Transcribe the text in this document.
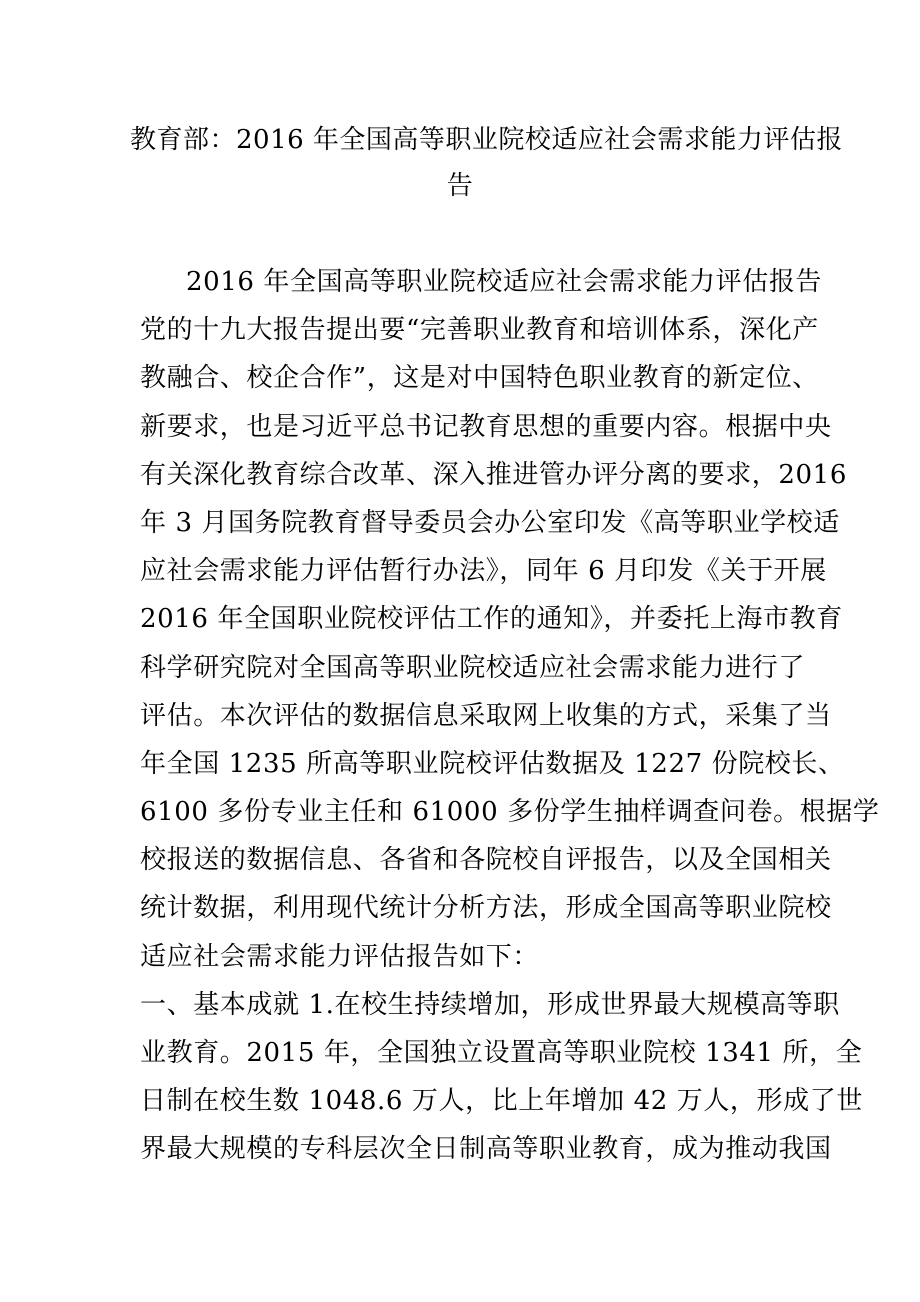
教育部：2016 年全国高等职业院校适应社会需求能力评估报
告
2016 年全国高等职业院校适应社会需求能力评估报告
党的十九大报告提出要“完善职业教育和培训体系，深化产
教融合、校企合作”，这是对中国特色职业教育的新定位、
新要求，也是习近平总书记教育思想的重要内容。根据中央
有关深化教育综合改革、深入推进管办评分离的要求，2016
年 3 月国务院教育督导委员会办公室印发《高等职业学校适
应社会需求能力评估暂行办法》，同年 6 月印发《关于开展
2016 年全国职业院校评估工作的通知》，并委托上海市教育
科学研究院对全国高等职业院校适应社会需求能力进行了
评估。本次评估的数据信息采取网上收集的方式，采集了当
年全国 1235 所高等职业院校评估数据及 1227 份院校长、
6100 多份专业主任和 61000 多份学生抽样调查问卷。根据学
校报送的数据信息、各省和各院校自评报告，以及全国相关
统计数据，利用现代统计分析方法，形成全国高等职业院校
适应社会需求能力评估报告如下：
一、基本成就 1.在校生持续增加，形成世界最大规模高等职
业教育。2015 年，全国独立设置高等职业院校 1341 所，全
日制在校生数 1048.6 万人，比上年增加 42 万人，形成了世
界最大规模的专科层次全日制高等职业教育，成为推动我国
